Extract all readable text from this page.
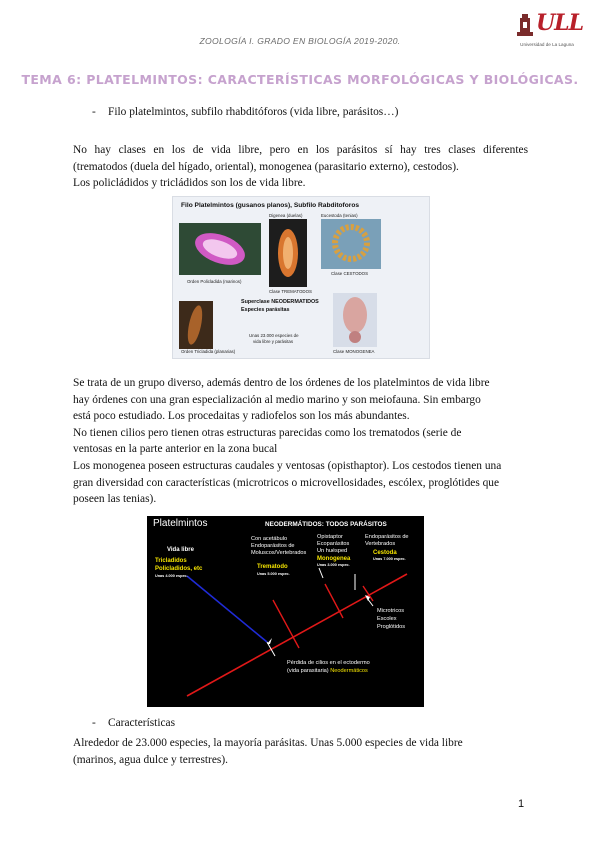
ZOOLOGÍA I. GRADO EN BIOLOGÍA 2019-2020.
ULL
Universidad de La Laguna
TEMA 6: PLATELMINTOS: CARACTERÍSTICAS MORFOLÓGICAS Y BIOLÓGICAS.
- Filo platelmintos, subfilo rhabditóforos (vida libre, parásitos…)
No hay clases en los de vida libre, pero en los parásitos sí hay tres clases diferentes
(trematodos (duela del hígado, oriental), monogenea (parasitario externo), cestodos).
Los policládidos y tricládidos son los de vida libre.
Filo Platelmintos (gusanos planos), Subfilo Rabditoforos
Digenea (duelas)	Eucestoda (tenias)
Orden Policladida (marinos)
Clase TREMATODOS
Clase CESTODOS
Superclase NEODERMATIDOS
Especies parásitas
Unas 23.000 especies de
vida libre y parásitas
Orden Tricladida (planarias)	Clase MONOGENEA
Se trata de un grupo diverso, además dentro de los órdenes de los platelmintos de vida libre
hay órdenes con una gran especialización al medio marino y son meiofauna. Sin embargo
está poco estudiado. Los procedaitas y radiofelos son los más abundantes.
No tienen cilios pero tienen otras estructuras parecidas como los trematodos (serie de
ventosas en la parte anterior en la zona bucal
Los monogenea poseen estructuras caudales y ventosas (opisthaptor). Los cestodos tienen una
gran diversidad con características (microtricos o microvellosidades, escólex, proglótides que
poseen las tenias).
Platelmintos	NEODERMÁTIDOS: TODOS PARÁSITOS
Vida libre
Tricladidos
Policladidos, etc
Unas 4.000 espec.
Con acetábulo
Endoparásitos de
Moluscos/Vertebrados
Trematodo
Unas 5.000 espec.
Opistaptor
Ecoparásitos
Un huésped
Monogenea
Unas 3.000 espec.
Endoparásitos de
Vertebrados
Cestoda
Unas 7.000 espec.
Microtricos
Escolex
Proglótidos
Pérdida de cilios en el ectodermo
(vida parasitaria) Neodermáticos
- Características
Alrededor de 23.000 especies, la mayoría parásitas. Unas 5.000 especies de vida libre
(marinos, agua dulce y terrestres).
1
